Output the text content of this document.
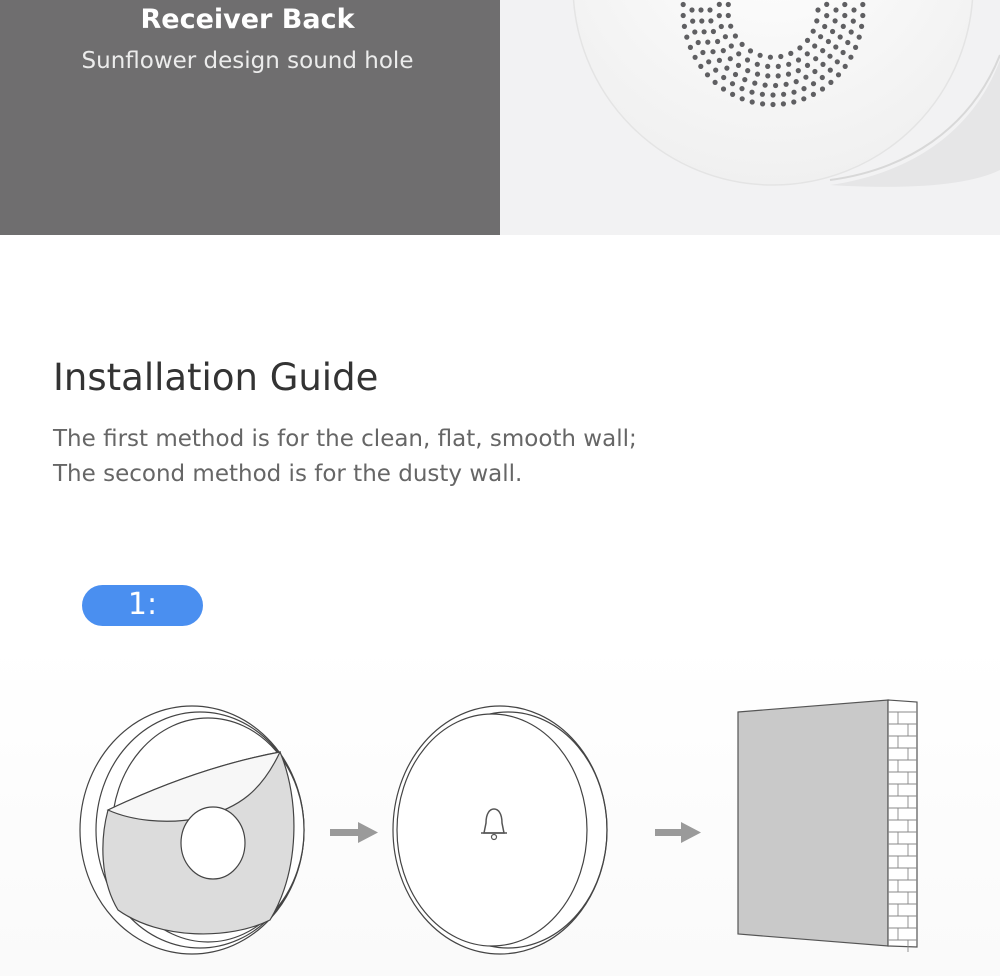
Receiver Back
Sunflower design sound hole
Installation Guide
The first method is for the clean, flat, smooth wall;
The second method is for the dusty wall.
1:
